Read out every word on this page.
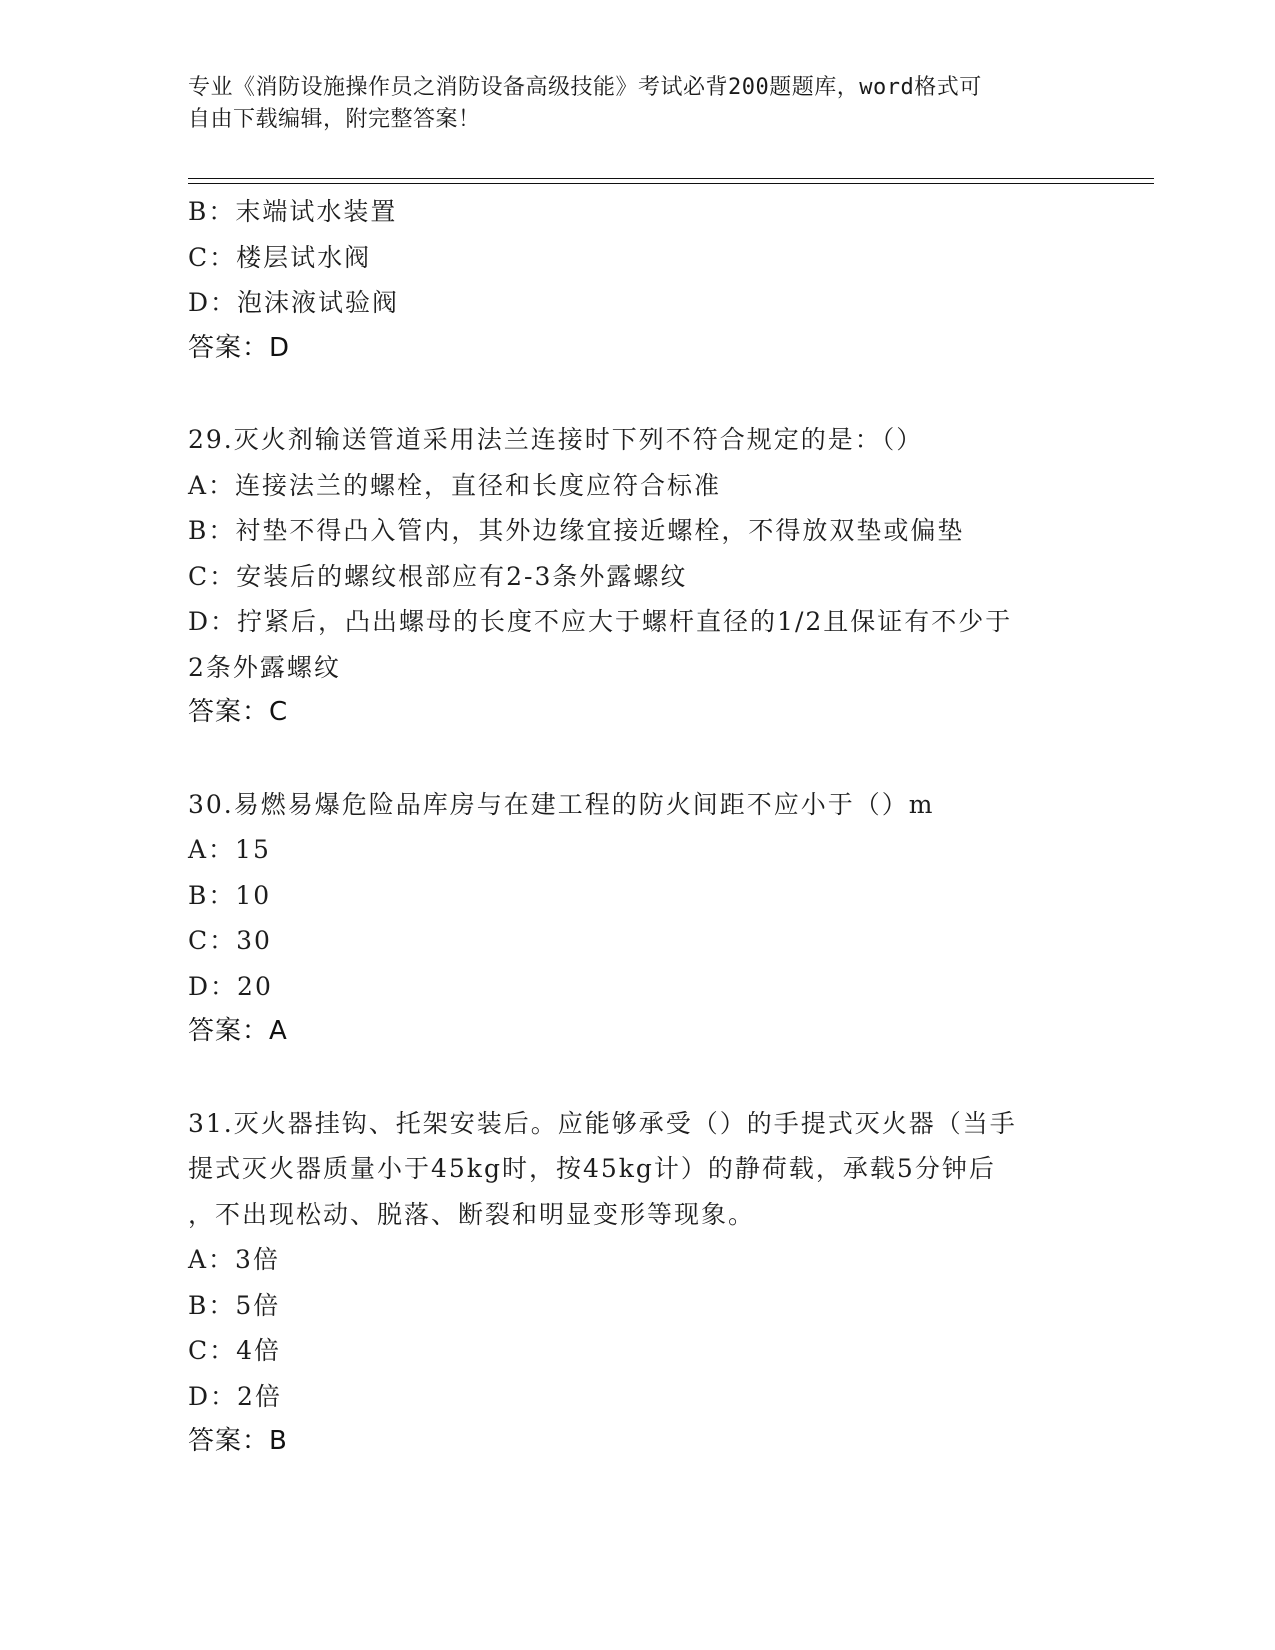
专业《消防设施操作员之消防设备高级技能》考试必背200题题库，word格式可
自由下载编辑，附完整答案！
B：末端试水装置
C：楼层试水阀
D：泡沫液试验阀
答案：D
29.灭火剂输送管道采用法兰连接时下列不符合规定的是：（）
A：连接法兰的螺栓，直径和长度应符合标准
B：衬垫不得凸入管内，其外边缘宜接近螺栓，不得放双垫或偏垫
C：安装后的螺纹根部应有2-3条外露螺纹
D：拧紧后，凸出螺母的长度不应大于螺杆直径的1/2且保证有不少于
2条外露螺纹
答案：C
30.易燃易爆危险品库房与在建工程的防火间距不应小于（）m
A：15
B：10
C：30
D：20
答案：A
31.灭火器挂钩、托架安装后。应能够承受（）的手提式灭火器（当手
提式灭火器质量小于45kg时，按45kg计）的静荷载，承载5分钟后
，不出现松动、脱落、断裂和明显变形等现象。
A：3倍
B：5倍
C：4倍
D：2倍
答案：B
